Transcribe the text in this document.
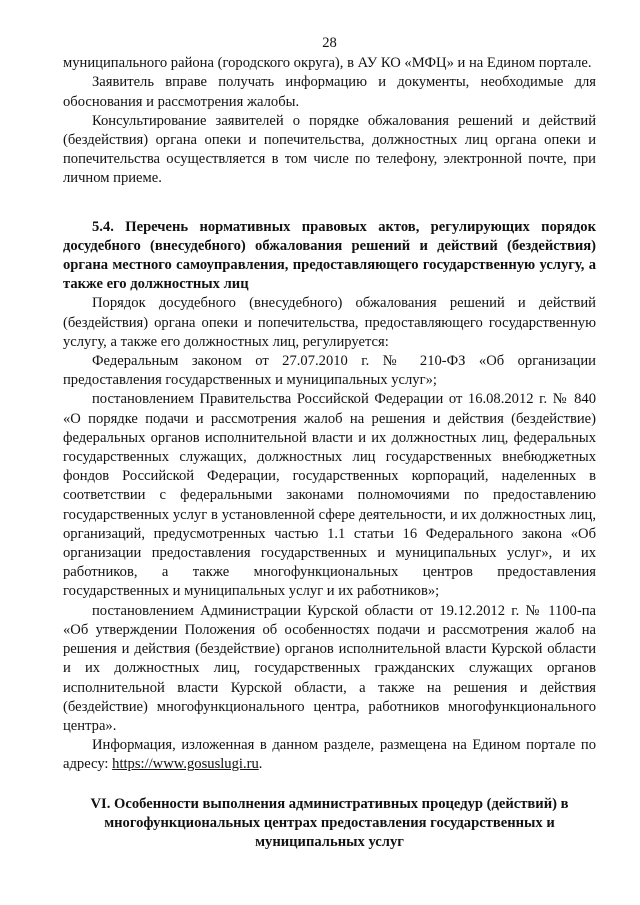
28

муниципального района (городского округа), в АУ КО «МФЦ» и на Едином портале.

Заявитель вправе получать информацию и документы, необходимые для обоснования и рассмотрения жалобы.

Консультирование заявителей о порядке обжалования решений и действий (бездействия) органа опеки и попечительства, должностных лиц органа опеки и попечительства осуществляется в том числе по телефону, электронной почте, при личном приеме.

5.4. Перечень нормативных правовых актов, регулирующих порядок досудебного (внесудебного) обжалования решений и действий (бездействия) органа местного самоуправления, предоставляющего государственную услугу, а также его должностных лиц

Порядок досудебного (внесудебного) обжалования решений и действий (бездействия) органа опеки и попечительства, предоставляющего государственную услугу, а также его должностных лиц, регулируется:

Федеральным законом от 27.07.2010 г. № 210-ФЗ «Об организации предоставления государственных и муниципальных услуг»;

постановлением Правительства Российской Федерации от 16.08.2012 г. № 840 «О порядке подачи и рассмотрения жалоб на решения и действия (бездействие) федеральных органов исполнительной власти и их должностных лиц, федеральных государственных служащих, должностных лиц государственных внебюджетных фондов Российской Федерации, государственных корпораций, наделенных в соответствии с федеральными законами полномочиями по предоставлению государственных услуг в установленной сфере деятельности, и их должностных лиц, организаций, предусмотренных частью 1.1 статьи 16 Федерального закона «Об организации предоставления государственных и муниципальных услуг», и их работников, а также многофункциональных центров предоставления государственных и муниципальных услуг и их работников»;

постановлением Администрации Курской области от 19.12.2012 г. № 1100-па «Об утверждении Положения об особенностях подачи и рассмотрения жалоб на решения и действия (бездействие) органов исполнительной власти Курской области и их должностных лиц, государственных гражданских служащих органов исполнительной власти Курской области, а также на решения и действия (бездействие) многофункционального центра, работников многофункционального центра».

Информация, изложенная в данном разделе, размещена на Едином портале по адресу: https://www.gosuslugi.ru.

VI. Особенности выполнения административных процедур (действий) в многофункциональных центрах предоставления государственных и муниципальных услуг
